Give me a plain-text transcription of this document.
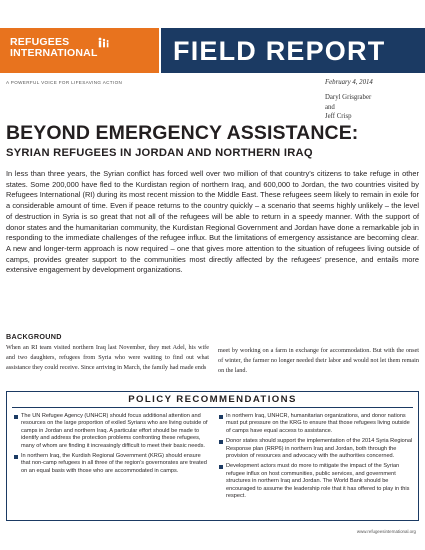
REFUGEES
INTERNATIONAL	FIELD REPORT
A POWERFUL VOICE FOR LIFESAVING ACTION	February 4, 2014
Daryl Grisgraber
and
Jeff Crisp
BEYOND EMERGENCY ASSISTANCE:
SYRIAN REFUGEES IN JORDAN AND NORTHERN IRAQ

In less than three years, the Syrian conflict has forced well over two million of that country’s citizens to take refuge in other states. Some 200,000 have fled to the Kurdistan region of northern Iraq, and 600,000 to Jordan, the two countries visited by Refugees International (RI) during its most recent mission to the Middle East. These refugees seem likely to remain in exile for a considerable amount of time. Even if peace returns to the country quickly – a scenario that seems highly unlikely – the level of destruction in Syria is so great that not all of the refugees will be able to return in a speedy manner. With the support of donor states and the humanitarian community, the Kurdistan Regional Government and Jordan have done a remarkable job in responding to the immediate challenges of the refugee influx. But the limitations of emergency assistance are becoming clear. A new and longer-term approach is now required – one that gives more attention to the situation of refugees living outside of camps, provides greater support to the communities most directly affected by the refugees’ presence, and entails more extensive engagement by development organizations.

BACKGROUND

When an RI team visited northern Iraq last November, they met Adel, his wife and two daughters, refugees from Syria who were waiting to find out what assistance they could receive. Since arriving in March, the family had made ends

meet by working on a farm in exchange for accommodation. But with the onset of winter, the farmer no longer needed their labor and would not let them remain on the land.

POLICY RECOMMENDATIONS
The UN Refugee Agency (UNHCR) should focus additional attention and resources on the large proportion of exiled Syrians who are living outside of camps in Jordan and northern Iraq. A particular effort should be made to identify and address the protection problems confronting these refugees, many of whom are finding it increasingly difficult to meet their basic needs.
In northern Iraq, the Kurdish Regional Government (KRG) should ensure that non-camp refugees in all three of the region’s governorates are treated on an equal basis with those who are accommodated in camps.
In northern Iraq, UNHCR, humanitarian organizations, and donor nations must put pressure on the KRG to ensure that those refugees living outside of camps have equal access to assistance.
Donor states should support the implementation of the 2014 Syria Regional Response plan (RRP6) in northern Iraq and Jordan, both through the provision of resources and advocacy with the authorities concerned.
Development actors must do more to mitigate the impact of the Syrian refugee influx on host communities, public services, and government structures in northern Iraq and Jordan. The World Bank should be encouraged to assume the leadership role that it has offered to play in this respect.
www.refugeesinternational.org
